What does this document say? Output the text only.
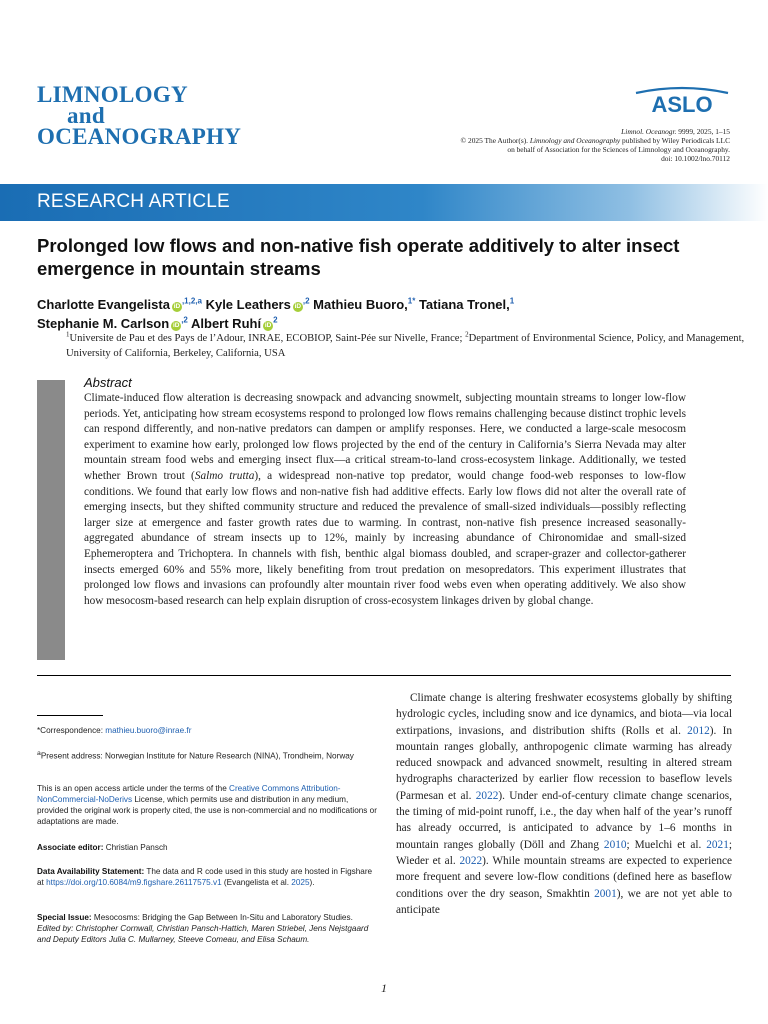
LIMNOLOGY
and
OCEANOGRAPHY
ASLO
Limnol. Oceanogr. 9999, 2025, 1–15
© 2025 The Author(s). Limnology and Oceanography published by Wiley Periodicals LLC
on behalf of Association for the Sciences of Limnology and Oceanography.
doi: 10.1002/lno.70112
RESEARCH ARTICLE
Prolonged low flows and non-native fish operate additively to alter insect emergence in mountain streams
Charlotte Evangelista $iD^{,1,2,a}$ Kyle Leathers $iD^{,2}$ Mathieu Buoro,$^{1*}$ Tatiana Tronel,$^1$
Stephanie M. Carlson $iD^{,2}$ Albert Ruhí $iD^2$
$^1$Universite de Pau et des Pays de l’Adour, INRAE, ECOBIOP, Saint-Pée sur Nivelle, France; $^2$Department of Environmental Science, Policy, and Management, University of California, Berkeley, California, USA
Abstract
Climate-induced flow alteration is decreasing snowpack and advancing snowmelt, subjecting mountain streams to longer low-flow periods. Yet, anticipating how stream ecosystems respond to prolonged low flows remains challenging because distinct trophic levels can respond differently, and non-native predators can dampen or amplify responses. Here, we conducted a large-scale mesocosm experiment to examine how early, prolonged low flows projected by the end of the century in California’s Sierra Nevada may alter mountain stream food webs and emerging insect flux—a critical stream-to-land cross-ecosystem linkage. Additionally, we tested whether Brown trout (Salmo trutta), a widespread non-native top predator, would change food-web responses to low-flow conditions. We found that early low flows and non-native fish had additive effects. Early low flows did not alter the overall rate of emerging insects, but they shifted community structure and reduced the prevalence of small-sized individuals—possibly reflecting larger size at emergence and faster growth rates due to warming. In contrast, non-native fish presence increased seasonally-aggregated abundance of stream insects up to 12%, mainly by increasing abundance of Chironomidae and small-sized Ephemeroptera and Trichoptera. In channels with fish, benthic algal biomass doubled, and scraper-grazer and collector-gatherer insects emerged 60% and 55% more, likely benefiting from trout predation on mesopredators. This experiment illustrates that prolonged low flows and invasions can profoundly alter mountain river food webs even when operating additively. We also show how mesocosm-based research can help explain disruption of cross-ecosystem linkages driven by global change.
*Correspondence: mathieu.buoro@inrae.fr
$^a$Present address: Norwegian Institute for Nature Research (NINA), Trondheim, Norway
This is an open access article under the terms of the Creative Commons Attribution-NonCommercial-NoDerivs License, which permits use and distribution in any medium, provided the original work is properly cited, the use is non-commercial and no modifications or adaptations are made.
Associate editor: Christian Pansch
Data Availability Statement: The data and R code used in this study are hosted in Figshare at https://doi.org/10.6084/m9.figshare.26117575.v1 (Evangelista et al. 2025).
Special Issue: Mesocosms: Bridging the Gap Between In-Situ and Laboratory Studies. Edited by: Christopher Cornwall, Christian Pansch-Hattich, Maren Striebel, Jens Nejstgaard and Deputy Editors Julia C. Mullarney, Steeve Comeau, and Elisa Schaum.
Climate change is altering freshwater ecosystems globally by shifting hydrologic cycles, including snow and ice dynamics, and biota—via local extirpations, invasions, and distribution shifts (Rolls et al. 2012). In mountain ranges globally, anthropogenic climate warming has already reduced snowpack and advanced snowmelt, resulting in altered stream hydrographs characterized by earlier flow recession to baseflow levels (Parmesan et al. 2022). Under end-of-century climate change scenarios, the timing of mid-point runoff, i.e., the day when half of the year’s runoff has already occurred, is anticipated to advance by 1–6 months in mountain ranges globally (Döll and Zhang 2010; Muelchi et al. 2021; Wieder et al. 2022). While mountain streams are expected to experience more frequent and severe low-flow conditions (defined here as baseflow conditions over the dry season, Smakhtin 2001), we are not yet able to anticipate
1
